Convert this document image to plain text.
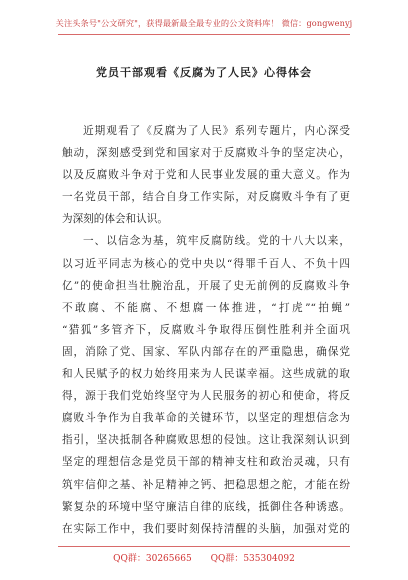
关注头条号"公文研究"，获得最新最全最专业的公文资料库！ 微信：gongwenyj
党员干部观看《反腐为了人民》心得体会
近期观看了《反腐为了人民》系列专题片，内心深受
触动，深刻感受到党和国家对于反腐败斗争的坚定决心，
以及反腐败斗争对于党和人民事业发展的重大意义。作为
一名党员干部，结合自身工作实际，对反腐败斗争有了更
为深刻的体会和认识。
一、以信念为基，筑牢反腐防线。党的十八大以来，
以习近平同志为核心的党中央以“得罪千百人、不负十四
亿”的使命担当壮腕治乱，开展了史无前例的反腐败斗争
不敢腐、不能腐、不想腐一体推进，“打虎”“拍蝇”
“猎狐”多管齐下，反腐败斗争取得压倒性胜利并全面巩
固，消除了党、国家、军队内部存在的严重隐患，确保党
和人民赋予的权力始终用来为人民谋幸福。这些成就的取
得，源于我们党始终坚守为人民服务的初心和使命，将反
腐败斗争作为自我革命的关键环节，以坚定的理想信念为
指引，坚决抵制各种腐败思想的侵蚀。这让我深刻认识到
坚定的理想信念是党员干部的精神支柱和政治灵魂，只有
筑牢信仰之基、补足精神之钙、把稳思想之舵，才能在纷
繁复杂的环境中坚守廉洁自律的底线，抵御住各种诱惑。
在实际工作中，我们要时刻保持清醒的头脑，加强对党的
QQ群：30265665 QQ群：535304092
